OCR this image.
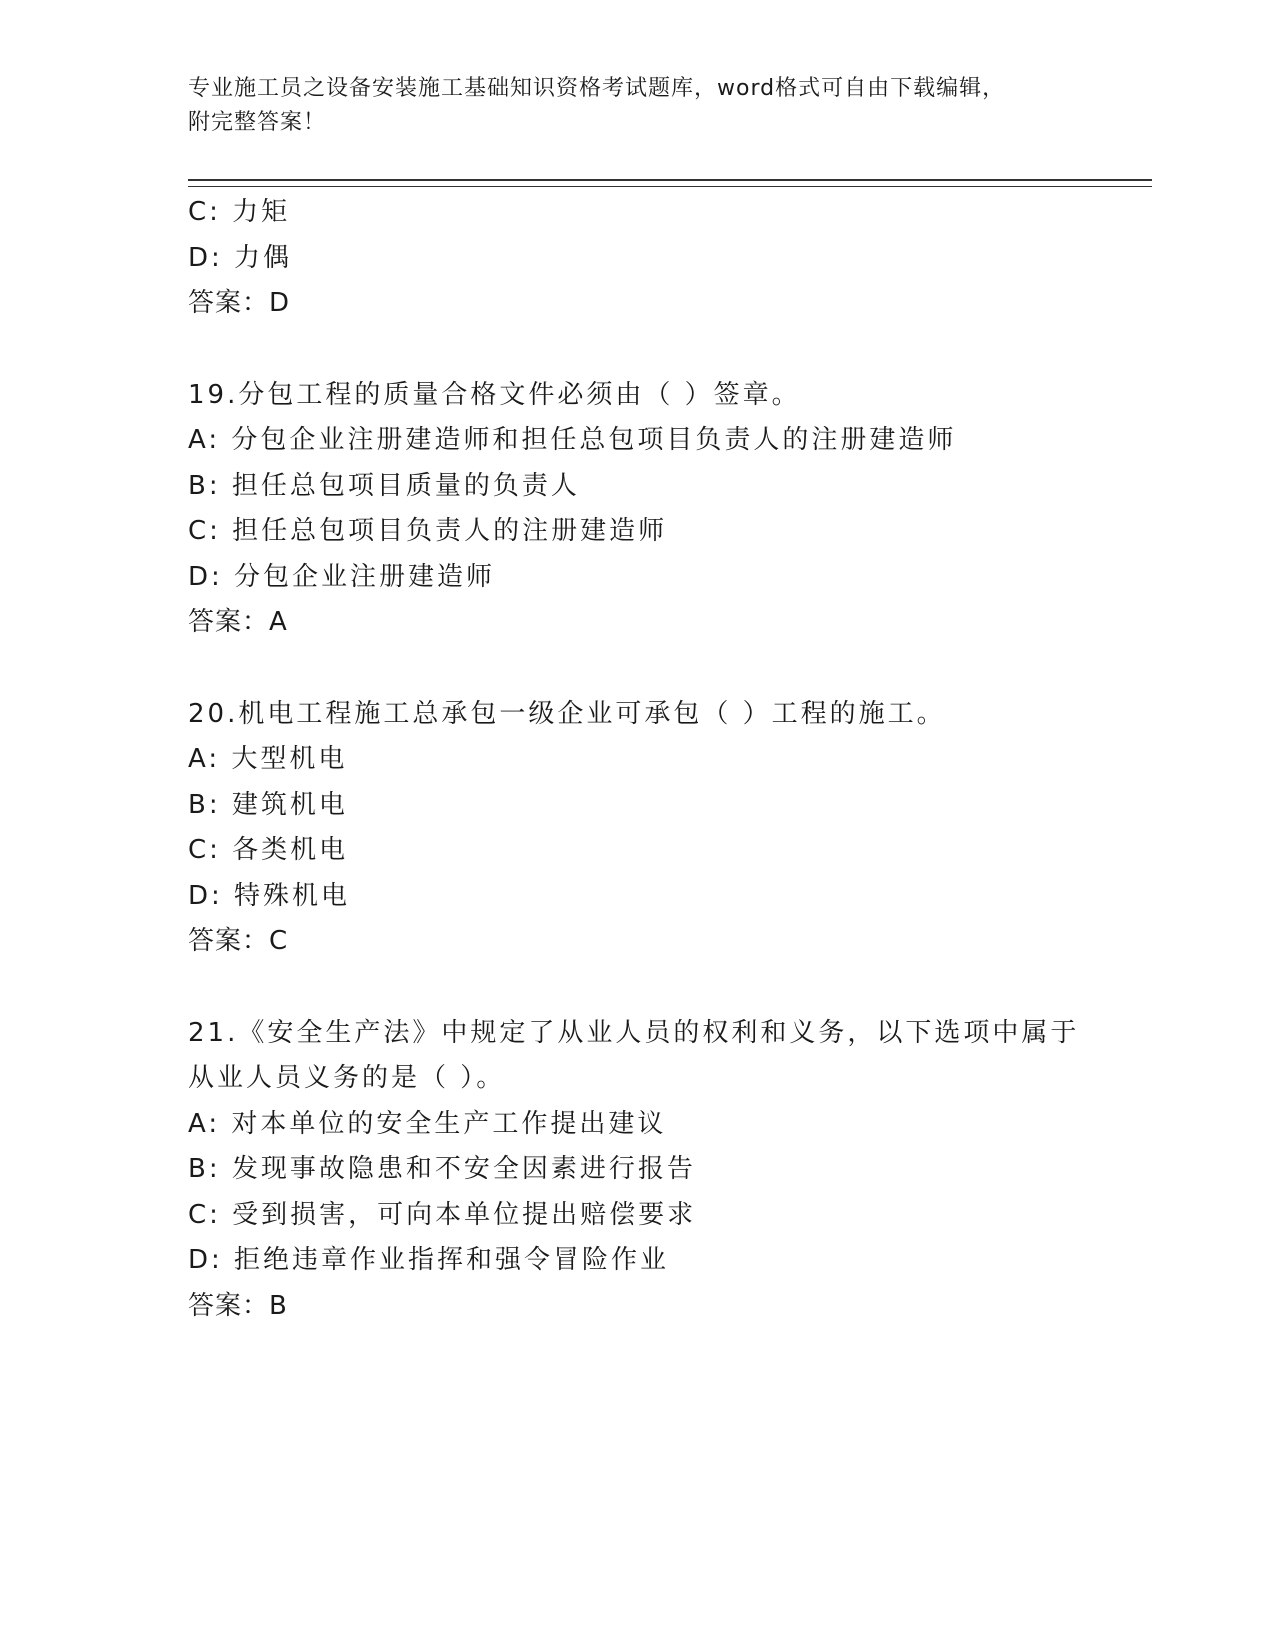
专业施工员之设备安装施工基础知识资格考试题库，word格式可自由下载编辑，
附完整答案！
C: 力矩
D: 力偶
答案：D
19.分包工程的质量合格文件必须由（ ）签章。
A: 分包企业注册建造师和担任总包项目负责人的注册建造师
B: 担任总包项目质量的负责人
C: 担任总包项目负责人的注册建造师
D: 分包企业注册建造师
答案：A
20.机电工程施工总承包一级企业可承包（ ）工程的施工。
A: 大型机电
B: 建筑机电
C: 各类机电
D: 特殊机电
答案：C
21.《安全生产法》中规定了从业人员的权利和义务，以下选项中属于
从业人员义务的是（ ）。
A: 对本单位的安全生产工作提出建议
B: 发现事故隐患和不安全因素进行报告
C: 受到损害，可向本单位提出赔偿要求
D: 拒绝违章作业指挥和强令冒险作业
答案：B
